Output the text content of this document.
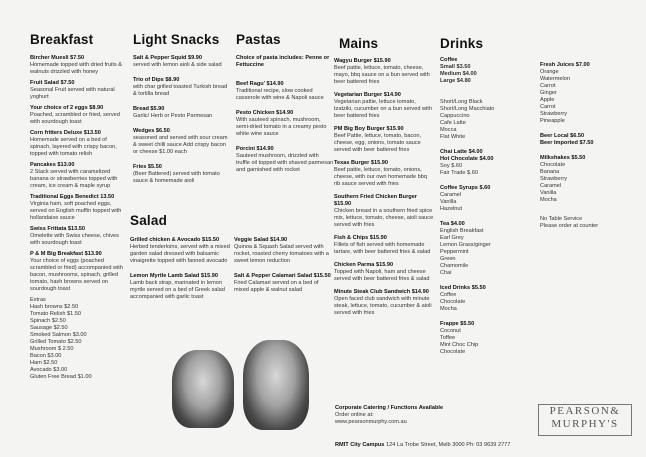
Breakfast
Bircher Muesli $7.50
Homemade topped with dried fruits & walnuts drizzled with honey
Fruit Salad $7.50
Seasonal Fruit served with natural yoghurt
Your choice of 2 eggs $8.90
Poached, scrambled or fried, served with sourdough toast
Corn fritters Deluxe $13.50
Homemade served on a bed of spinach, layered with crispy bacon, topped with tomato relish
Pancakes $13.00
2 Stack served with caramelized banana or strawberries topped with cream, ice cream & maple syrup
Traditional Eggs Benedict 13.50
Virginia ham, soft poached eggs, served on English muffin topped with hollandaise sauce
Swiss Frittata $13.50
Omelette with Swiss cheese, chives with sourdough toast
P & M Big Breakfast $13.90
Your choice of eggs (poached scrambled or fried) accompanied with bacon, mushrooms, spinach, grilled tomato, hash browns served on sourdough toast
Extras
Hash browns $2.50
Tomato Relish $1.50
Spinach $2.50
Sausage $2.50
Smoked Salmon $3.00
Grilled Tomato $2.50
Mushroom $ 2.50
Bacon $3.00
Ham $2.50
Avocado $3.00
Gluten Free Bread $1.00
Light Snacks
Salt & Pepper Squid $9.90
served with lemon aioli & side salad
Trio of Dips $8.90
with char grilled toasted Turkish bread & tortilla bread
Bread $5.90
Garlic/ Herb or Pesto Parmesan
Wedges $6.50
seasoned and served with sour cream & sweet chilli sauce Add crispy bacon or cheese $1.00 each
Fries $5.50
(Beer Battered) served with tomato sauce & homemade aioli
Pastas
Choice of pasta includes: Penne or Fettuccine
Beef Ragu' $14.90
Traditional recipe, slow cooked casserole with wine & Napoli sauce
Pesto Chicken $14.90
With sauteed spinach, mushroom, semi-dried tomato in a creamy pesto white wine sauce
Porcini $14.90
Sauteed mushroom, drizzled with truffle oil topped with shaved parmesan and garnished with rocket
Salad
Grilled chicken & Avocado $15.50
Herbed tenderloins, served with a mixed garden salad dressed with balsamic vinaigrette topped with fanned avocado
Lemon Myrtle Lamb Salad $15.90
Lamb back strap, marinated in lemon myrtle served on a bed of Greek salad accompanied with garlic toast
Veggie Salad $14.90
Quinoa & Squash Salad served with rocket, roasted cherry tomatoes with a sweet lemon reduction
Salt & Pepper Calamari Salad $15.50
Fried Calamari served on a bed of mixed apple & walnut salad
Mains
Wagyu Burger $15.90
Beef pattie, lettuce, tomato, cheese, mayo, bbq sauce on a bun served with beer battered fries
Vegetarian Burger $14.90
Vegetarian pattie, lettuce tomato, tzatziki, cucumber on a bun served with beer battered fries
PM Big Boy Burger $15.90
Beef Pattie, lettuce, tomato, bacon, cheese, egg, onions, tomato sauce served with beer battered fries
Texas Burger $15.90
Beef pattie, lettuce, tomato, onions, cheese, with our own homemade bbq rib sauce served with fries
Southern Fried Chicken Burger $15.90
Chicken breast in a southern fried spice mix, lettuce, tomato, cheese, aioli sauce served with fries
Fish & Chips $15.90
Fillets of fish served with homemade tartare, with beer battered fries & salad
Chicken Parma $15.90
Topped with Napoli, ham and cheese served with beer battered fries & salad
Minute Steak Club Sandwich $14.90
Open faced club sandwich with minute steak, lettuce, tomato, cucumber & aioli served with fries
Drinks
Coffee
Small $3.50
Medium $4.00
Large $4.80
Short/Long Black
Short/Long Macchiato
Cappuccino
Cafe Latte
Mocca
Flat White
Chai Latte $4.00
Hot Chocolate $4.00
Soy $.60
Fair Trade $.60
Coffee Syrups $.60
Caramel
Vanilla
Hazelnut
Tea $4.00
English Breakfast
Earl Grey
Lemon Grass/ginger
Peppermint
Green
Chamomile
Chai
Iced Drinks $5.50
Coffee
Chocolate
Mocha
Frappe $5.50
Coconut
Toffee
Mint Choc Chip
Chocolate
Fresh Juices $7.00
Orange
Watermelon
Carrot
Ginger
Apple
Carrot
Strawberry
Pineapple
Beer Local $6.50
Beer Imported $7.50
Milkshakes $5.50
Chocolate
Banana
Strawberry
Caramel
Vanilla
Mocha
No Table Service
Please order at counter
Corporate Catering / Functions Available
Order online at:
www.pearsonmurphy.com.au
RMIT City Campus 124 La Trobe Street, Melb 3000 Ph: 03 9639 2777
PEARSON&
MURPHY'S
